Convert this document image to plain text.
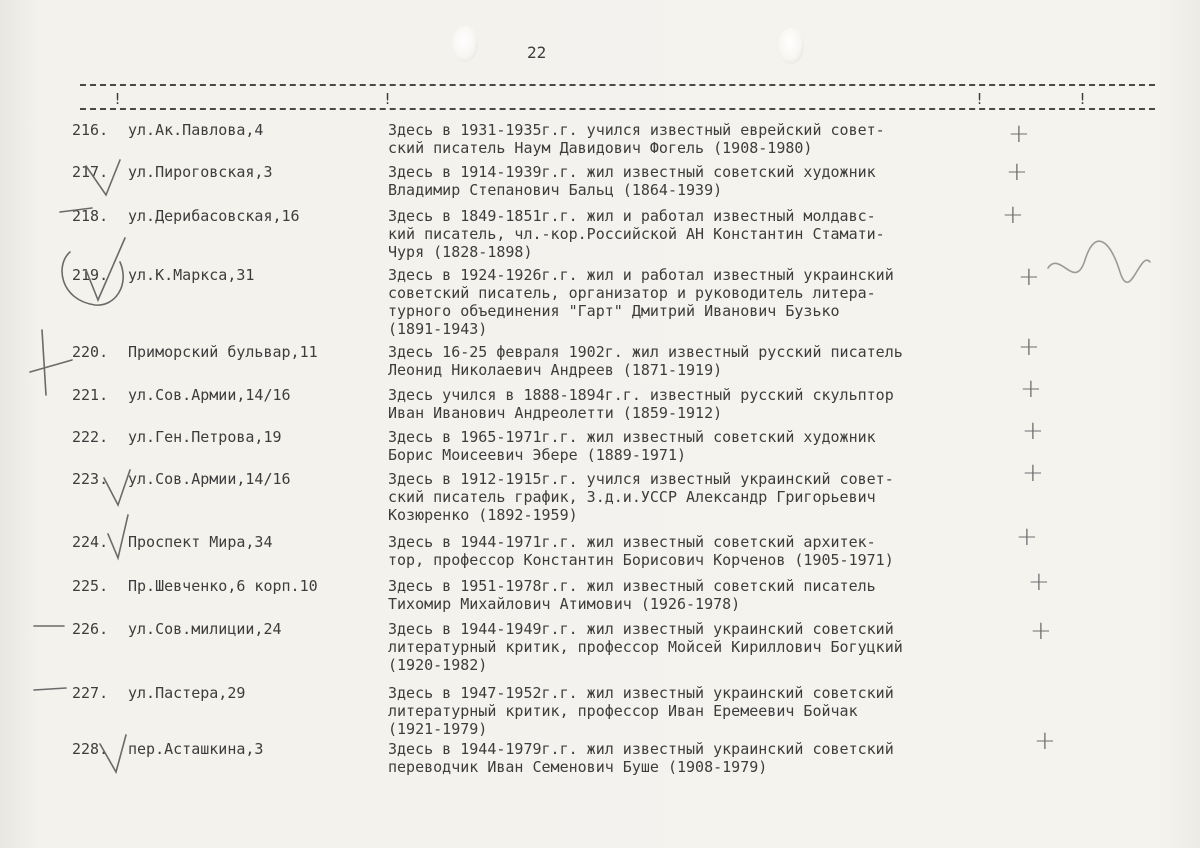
22
!	!	!	!
216. ул.Ак.Павлова,4	Здесь в 1931-1935г.г. учился известный еврейский совет-
ский писатель Наум Давидович Фогель (1908-1980)
217. ул.Пироговская,3	Здесь в 1914-1939г.г. жил известный советский художник
Владимир Степанович Бальц (1864-1939)
218. ул.Дерибасовская,16	Здесь в 1849-1851г.г. жил и работал известный молдавс-
кий писатель, чл.-кор.Российской АН Константин Стамати-
Чуря (1828-1898)
219. ул.К.Маркса,31	Здесь в 1924-1926г.г. жил и работал известный украинский
советский писатель, организатор и руководитель литера-
турного объединения "Гарт" Дмитрий Иванович Бузько
(1891-1943)
220. Приморский бульвар,11	Здесь 16-25 февраля 1902г. жил известный русский писатель
Леонид Николаевич Андреев (1871-1919)
221. ул.Сов.Армии,14/16	Здесь учился в 1888-1894г.г. известный русский скульптор
Иван Иванович Андреолетти (1859-1912)
222. ул.Ген.Петрова,19	Здесь в 1965-1971г.г. жил известный советский художник
Борис Моисеевич Эбере (1889-1971)
223. ул.Сов.Армии,14/16	Здесь в 1912-1915г.г. учился известный украинский совет-
ский писатель график, З.д.и.УССР Александр Григорьевич
Козюренко (1892-1959)
224. Проспект Мира,34	Здесь в 1944-1971г.г. жил известный советский архитек-
тор, профессор Константин Борисович Корченов (1905-1971)
225. Пр.Шевченко,6 корп.10	Здесь в 1951-1978г.г. жил известный советский писатель
Тихомир Михайлович Атимович (1926-1978)
226. ул.Сов.милиции,24	Здесь в 1944-1949г.г. жил известный украинский советский
литературный критик, профессор Мойсей Кириллович Богуцкий
(1920-1982)
227. ул.Пастера,29	Здесь в 1947-1952г.г. жил известный украинский советский
литературный критик, профессор Иван Еремеевич Бойчак
(1921-1979)
228. пер.Асташкина,3	Здесь в 1944-1979г.г. жил известный украинский советский
переводчик Иван Семенович Буше (1908-1979)
+
+
+
+
+
+
+
+
+
+
+
+
